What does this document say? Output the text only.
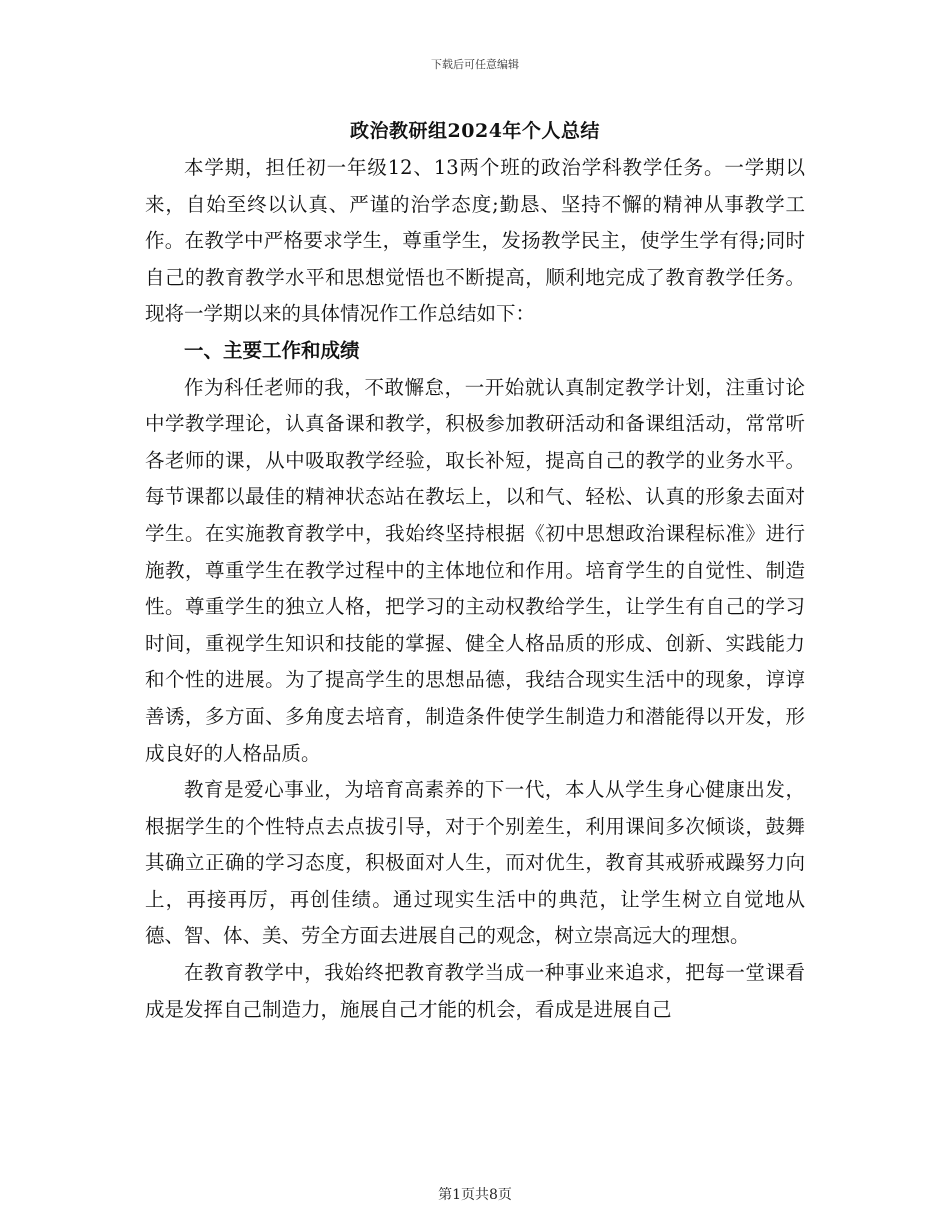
下载后可任意编辑
政治教研组2024年个人总结

本学期，担任初一年级12、13两个班的政治学科教学任务。一学期以来，自始至终以认真、严谨的治学态度;勤恳、坚持不懈的精神从事教学工作。在教学中严格要求学生，尊重学生，发扬教学民主，使学生学有得;同时自己的教育教学水平和思想觉悟也不断提高，顺利地完成了教育教学任务。现将一学期以来的具体情况作工作总结如下：

一、主要工作和成绩

作为科任老师的我，不敢懈怠，一开始就认真制定教学计划，注重讨论中学教学理论，认真备课和教学，积极参加教研活动和备课组活动，常常听各老师的课，从中吸取教学经验，取长补短，提高自己的教学的业务水平。每节课都以最佳的精神状态站在教坛上，以和气、轻松、认真的形象去面对学生。在实施教育教学中，我始终坚持根据《初中思想政治课程标准》进行施教，尊重学生在教学过程中的主体地位和作用。培育学生的自觉性、制造性。尊重学生的独立人格，把学习的主动权教给学生，让学生有自己的学习时间，重视学生知识和技能的掌握、健全人格品质的形成、创新、实践能力和个性的进展。为了提高学生的思想品德，我结合现实生活中的现象，谆谆善诱，多方面、多角度去培育，制造条件使学生制造力和潜能得以开发，形成良好的人格品质。

教育是爱心事业，为培育高素养的下一代，本人从学生身心健康出发，根据学生的个性特点去点拔引导，对于个别差生，利用课间多次倾谈，鼓舞其确立正确的学习态度，积极面对人生，而对优生，教育其戒骄戒躁努力向上，再接再厉，再创佳绩。通过现实生活中的典范，让学生树立自觉地从德、智、体、美、劳全方面去进展自己的观念，树立崇高远大的理想。

在教育教学中，我始终把教育教学当成一种事业来追求，把每一堂课看成是发挥自己制造力，施展自己才能的机会，看成是进展自己

第1页共8页
